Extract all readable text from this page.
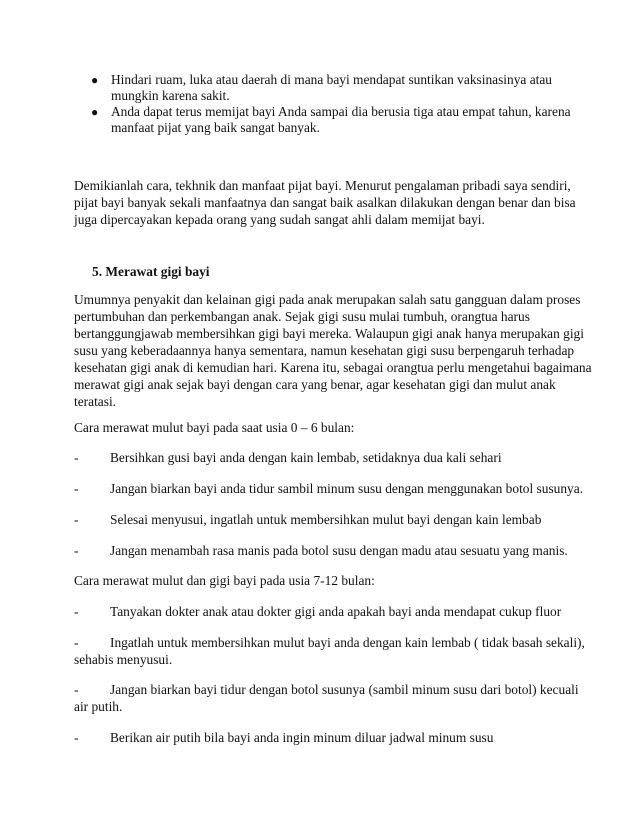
● Hindari ruam, luka atau daerah di mana bayi mendapat suntikan vaksinasinya atau
mungkin karena sakit.
● Anda dapat terus memijat bayi Anda sampai dia berusia tiga atau empat tahun, karena
manfaat pijat yang baik sangat banyak.
Demikianlah cara, tekhnik dan manfaat pijat bayi. Menurut pengalaman pribadi saya sendiri,
pijat bayi banyak sekali manfaatnya dan sangat baik asalkan dilakukan dengan benar dan bisa
juga dipercayakan kepada orang yang sudah sangat ahli dalam memijat bayi.
5. Merawat gigi bayi
Umumnya penyakit dan kelainan gigi pada anak merupakan salah satu gangguan dalam proses
pertumbuhan dan perkembangan anak. Sejak gigi susu mulai tumbuh, orangtua harus
bertanggungjawab membersihkan gigi bayi mereka. Walaupun gigi anak hanya merupakan gigi
susu yang keberadaannya hanya sementara, namun kesehatan gigi susu berpengaruh terhadap
kesehatan gigi anak di kemudian hari. Karena itu, sebagai orangtua perlu mengetahui bagaimana
merawat gigi anak sejak bayi dengan cara yang benar, agar kesehatan gigi dan mulut anak
teratasi.
Cara merawat mulut bayi pada saat usia 0 – 6 bulan:
- Bersihkan gusi bayi anda dengan kain lembab, setidaknya dua kali sehari
- Jangan biarkan bayi anda tidur sambil minum susu dengan menggunakan botol susunya.
- Selesai menyusui, ingatlah untuk membersihkan mulut bayi dengan kain lembab
- Jangan menambah rasa manis pada botol susu dengan madu atau sesuatu yang manis.
Cara merawat mulut dan gigi bayi pada usia 7-12 bulan:
- Tanyakan dokter anak atau dokter gigi anda apakah bayi anda mendapat cukup fluor
- Ingatlah untuk membersihkan mulut bayi anda dengan kain lembab ( tidak basah sekali),
sehabis menyusui.
- Jangan biarkan bayi tidur dengan botol susunya (sambil minum susu dari botol) kecuali
air putih.
- Berikan air putih bila bayi anda ingin minum diluar jadwal minum susu
